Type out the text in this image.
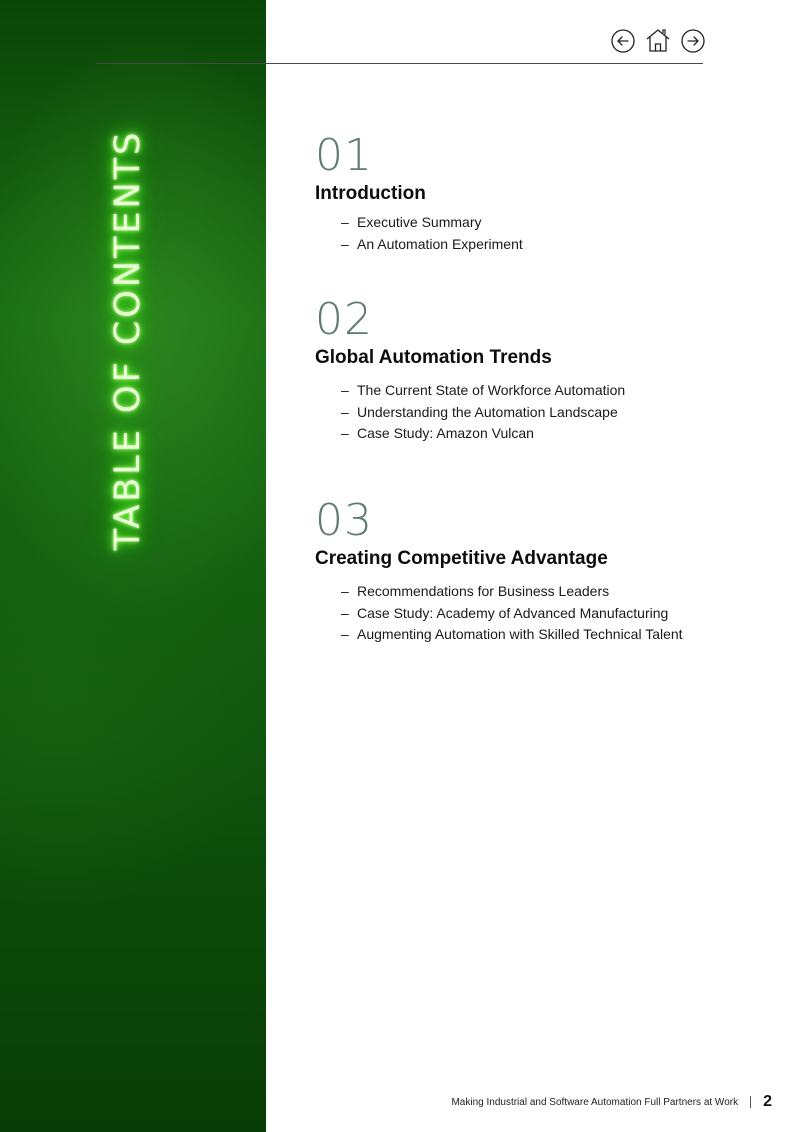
TABLE OF CONTENTS	01
Introduction
– Executive Summary
– An Automation Experiment
02
Global Automation Trends
– The Current State of Workforce Automation
– Understanding the Automation Landscape
– Case Study: Amazon Vulcan
03
Creating Competitive Advantage
– Recommendations for Business Leaders
– Case Study: Academy of Advanced Manufacturing
– Augmenting Automation with Skilled Technical Talent
Making Industrial and Software Automation Full Partners at Work 2
